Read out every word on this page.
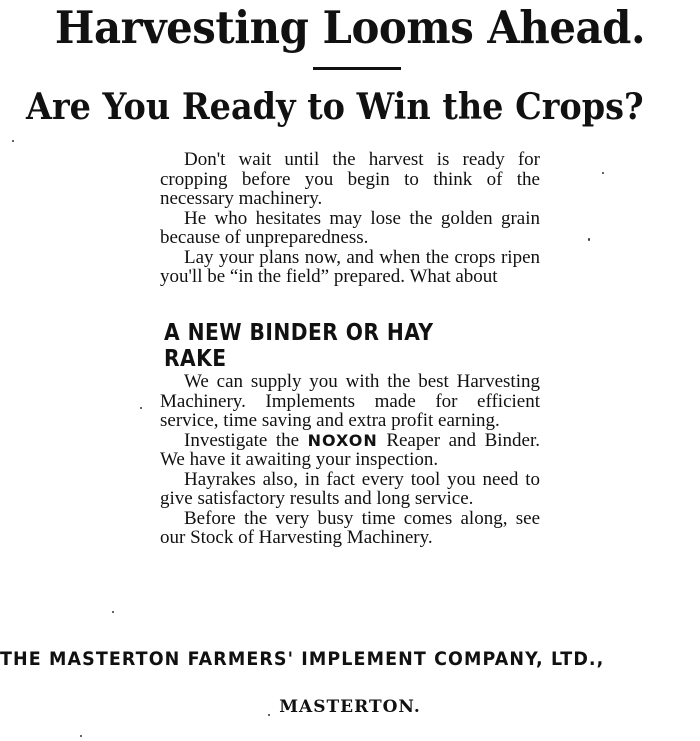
Harvesting Looms Ahead.
Are You Ready to Win the Crops?

Don't wait until the harvest is ready for cropping before you begin to think of the necessary machinery.

He who hesitates may lose the golden grain because of unpreparedness.

Lay your plans now, and when the crops ripen you'll be “in the field” prepared. What about

A NEW BINDER OR HAY RAKE

We can supply you with the best Harvesting Machinery. Implements made for efficient service, time saving and extra profit earning.

Investigate the NOXON Reaper and Binder. We have it awaiting your inspection.

Hayrakes also, in fact every tool you need to give satisfactory results and long service.

Before the very busy time comes along, see our Stock of Harvesting Machinery.

THE MASTERTON FARMERS' IMPLEMENT COMPANY, LTD.,
MASTERTON.
